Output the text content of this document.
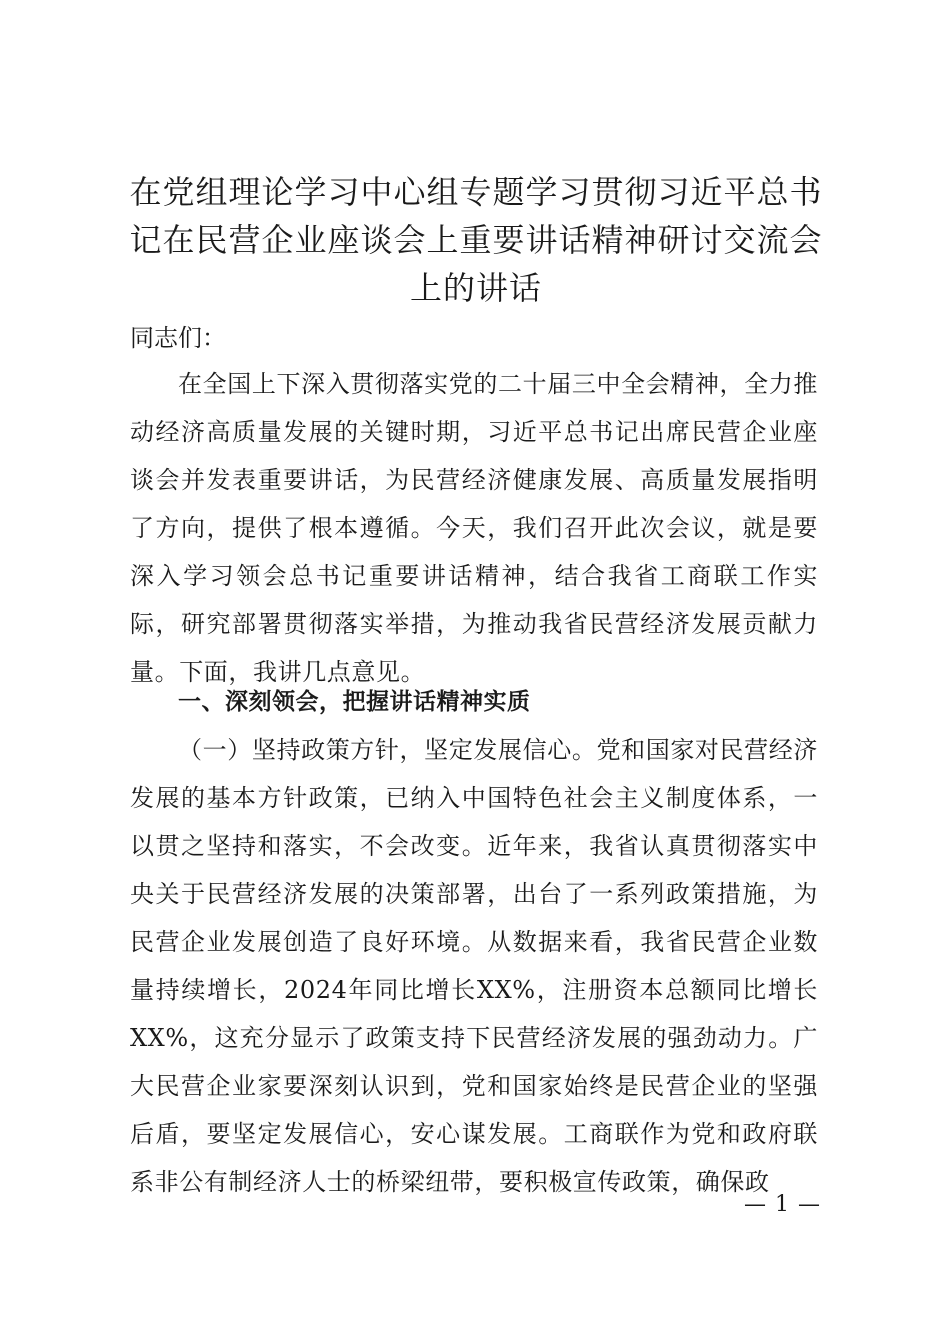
在党组理论学习中心组专题学习贯彻习近平总书记在民营企业座谈会上重要讲话精神研讨交流会上的讲话

同志们：

在全国上下深入贯彻落实党的二十届三中全会精神，全力推动经济高质量发展的关键时期，习近平总书记出席民营企业座谈会并发表重要讲话，为民营经济健康发展、高质量发展指明了方向，提供了根本遵循。今天，我们召开此次会议，就是要深入学习领会总书记重要讲话精神，结合我省工商联工作实际，研究部署贯彻落实举措，为推动我省民营经济发展贡献力量。下面，我讲几点意见。

一、深刻领会，把握讲话精神实质

（一）坚持政策方针，坚定发展信心。党和国家对民营经济发展的基本方针政策，已纳入中国特色社会主义制度体系，一以贯之坚持和落实，不会改变。近年来，我省认真贯彻落实中央关于民营经济发展的决策部署，出台了一系列政策措施，为民营企业发展创造了良好环境。从数据来看，我省民营企业数量持续增长，2024年同比增长XX%，注册资本总额同比增长XX%，这充分显示了政策支持下民营经济发展的强劲动力。广大民营企业家要深刻认识到，党和国家始终是民营企业的坚强后盾，要坚定发展信心，安心谋发展。工商联作为党和政府联系非公有制经济人士的桥梁纽带，要积极宣传政策，确保政

— 1 —
